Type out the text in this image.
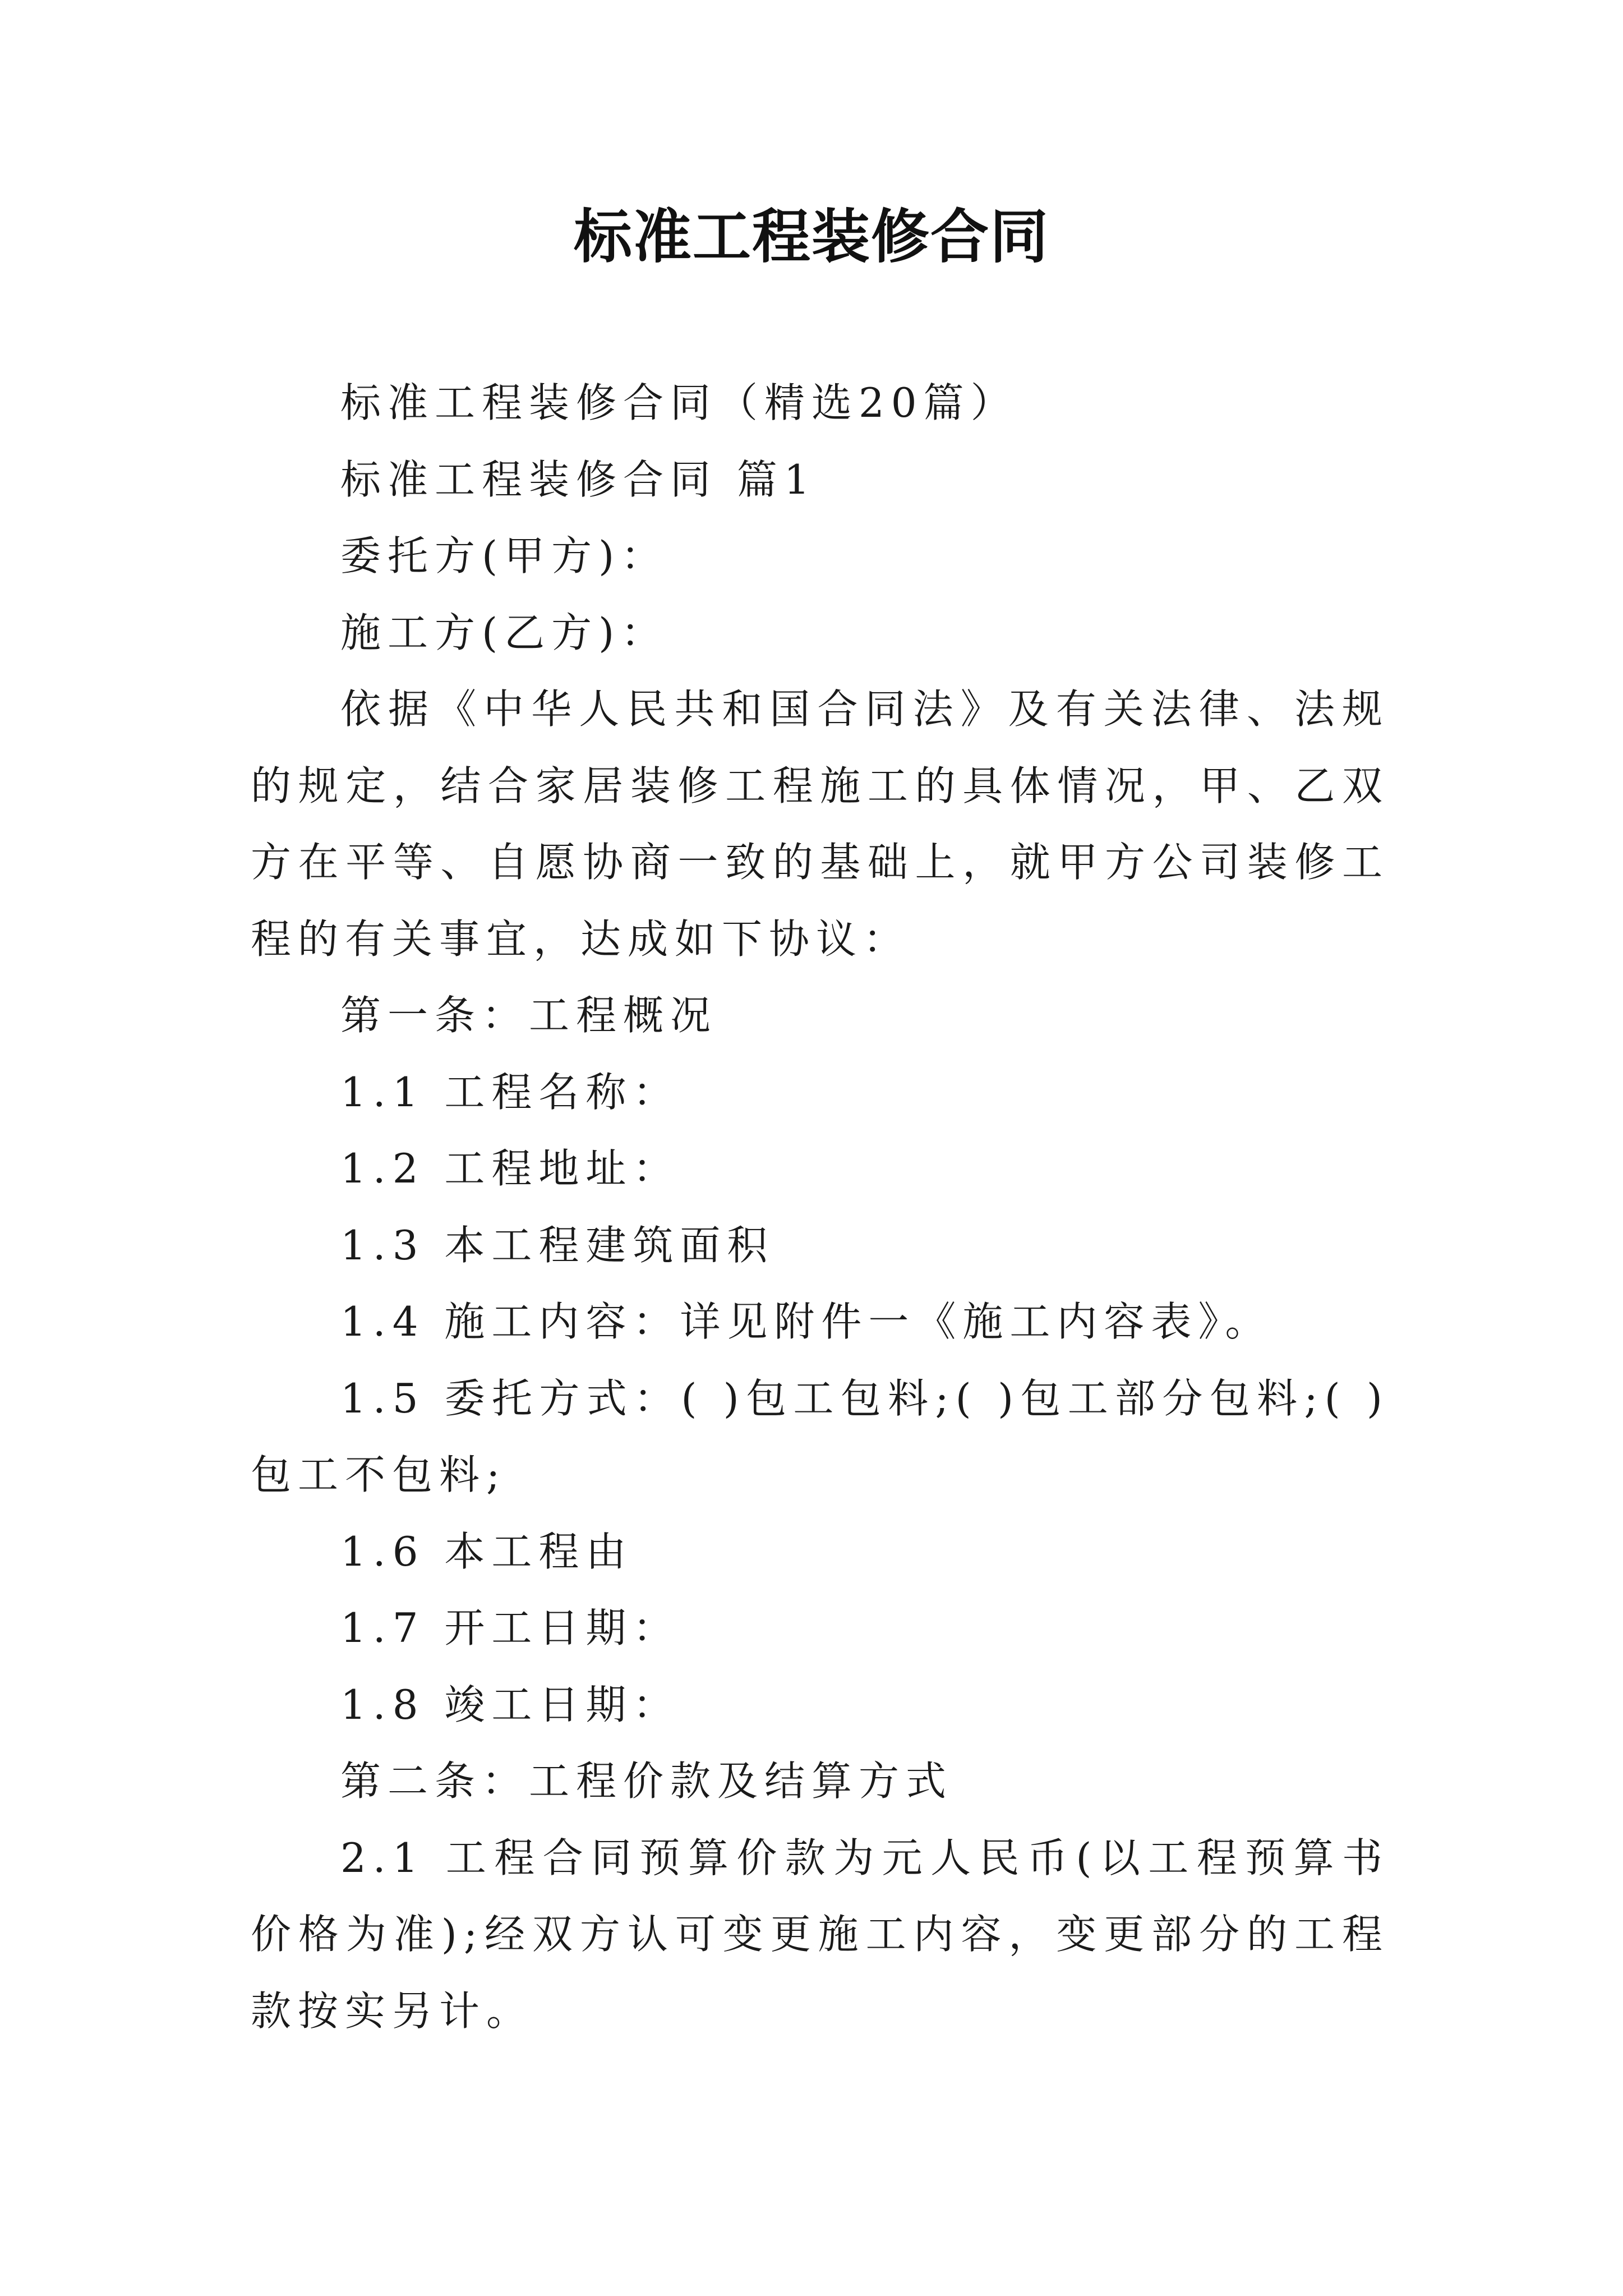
标准工程装修合同

标准工程装修合同（精选20篇）

标准工程装修合同 篇1

委托方(甲方)：

施工方(乙方)：

依据《中华人民共和国合同法》及有关法律、法规的规定，结合家居装修工程施工的具体情况，甲、乙双方在平等、自愿协商一致的基础上，就甲方公司装修工程的有关事宜，达成如下协议：

第一条：工程概况

1.1 工程名称：

1.2 工程地址：

1.3 本工程建筑面积

1.4 施工内容：详见附件一《施工内容表》。

1.5 委托方式：( )包工包料;( )包工部分包料;( )包工不包料;

1.6 本工程由

1.7 开工日期：

1.8 竣工日期：

第二条：工程价款及结算方式

2.1 工程合同预算价款为元人民币(以工程预算书价格为准);经双方认可变更施工内容，变更部分的工程款按实另计。
